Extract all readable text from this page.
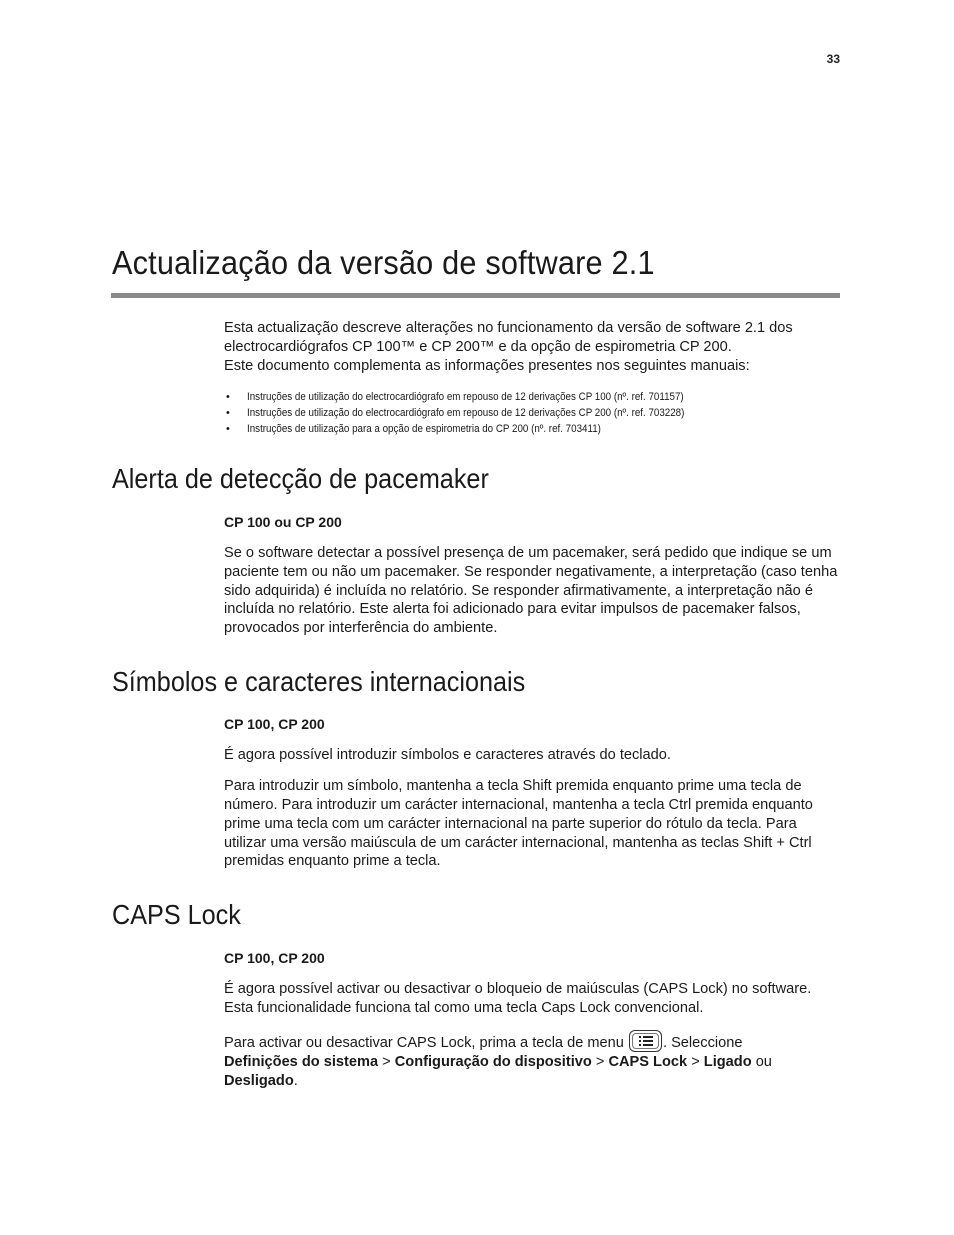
33
Actualização da versão de software 2.1

Esta actualização descreve alterações no funcionamento da versão de software 2.1 dos electrocardiógrafos CP 100™ e CP 200™ e da opção de espirometria CP 200.

Este documento complementa as informações presentes nos seguintes manuais:

• Instruções de utilização do electrocardiógrafo em repouso de 12 derivações CP 100 (nº. ref. 701157)
• Instruções de utilização do electrocardiógrafo em repouso de 12 derivações CP 200 (nº. ref. 703228)
• Instruções de utilização para a opção de espirometria do CP 200 (nº. ref. 703411)
Alerta de detecção de pacemaker
CP 100 ou CP 200

Se o software detectar a possível presença de um pacemaker, será pedido que indique se um paciente tem ou não um pacemaker. Se responder negativamente, a interpretação (caso tenha sido adquirida) é incluída no relatório. Se responder afirmativamente, a interpretação não é incluída no relatório. Este alerta foi adicionado para evitar impulsos de pacemaker falsos, provocados por interferência do ambiente.

Símbolos e caracteres internacionais
CP 100, CP 200

É agora possível introduzir símbolos e caracteres através do teclado.

Para introduzir um símbolo, mantenha a tecla Shift premida enquanto prime uma tecla de número. Para introduzir um carácter internacional, mantenha a tecla Ctrl premida enquanto prime uma tecla com um carácter internacional na parte superior do rótulo da tecla. Para utilizar uma versão maiúscula de um carácter internacional, mantenha as teclas Shift + Ctrl premidas enquanto prime a tecla.

CAPS Lock
CP 100, CP 200

É agora possível activar ou desactivar o bloqueio de maiúsculas (CAPS Lock) no software. Esta funcionalidade funciona tal como uma tecla Caps Lock convencional.

Para activar ou desactivar CAPS Lock, prima a tecla de menu	. Seleccione
Definições do sistema > Configuração do dispositivo > CAPS Lock > Ligado ou
Desligado.
